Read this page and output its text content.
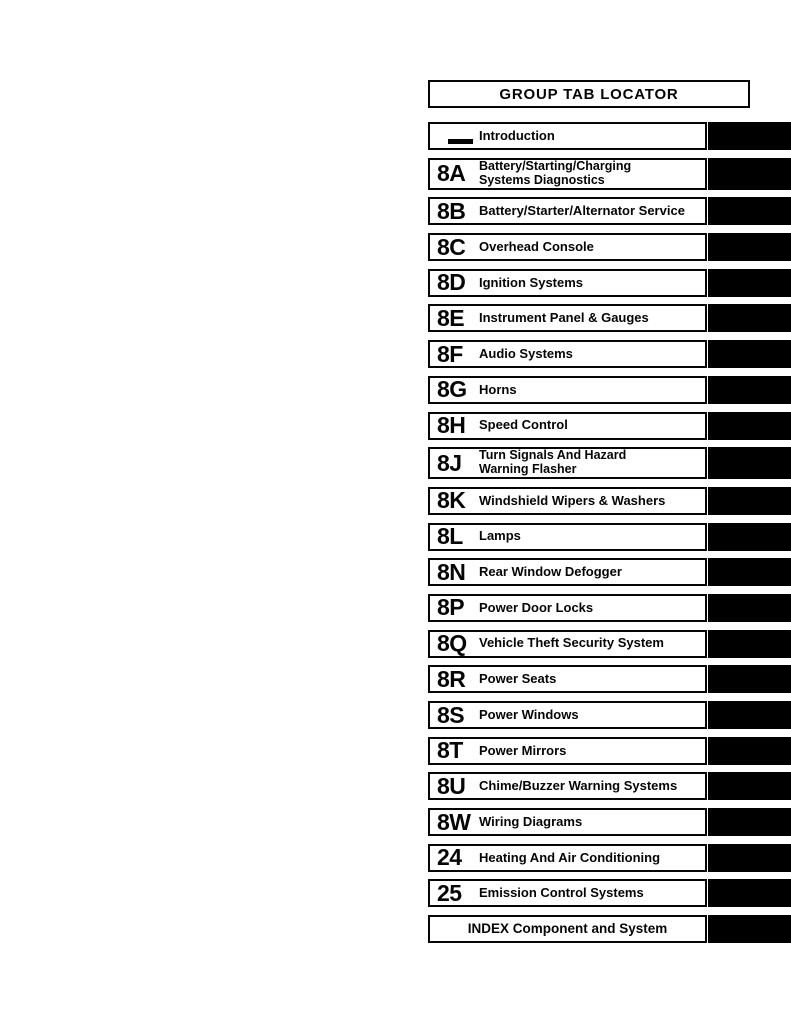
GROUP TAB LOCATOR
Introduction
8A	Battery/Starting/Charging
Systems Diagnostics
8B	Battery/Starter/Alternator Service
8C	Overhead Console
8D	Ignition Systems
8E	Instrument Panel & Gauges
8F	Audio Systems
8G Horns
8H	Speed Control
8J	Turn Signals And Hazard
Warning Flasher
8K	Windshield Wipers & Washers
8L	Lamps
8N	Rear Window Defogger
8P	Power Door Locks
8Q Vehicle Theft Security System
8R	Power Seats
8S	Power Windows
8T	Power Mirrors
8U	Chime/Buzzer Warning Systems
8W Wiring Diagrams
24	Heating And Air Conditioning
25	Emission Control Systems
INDEX Component and System
